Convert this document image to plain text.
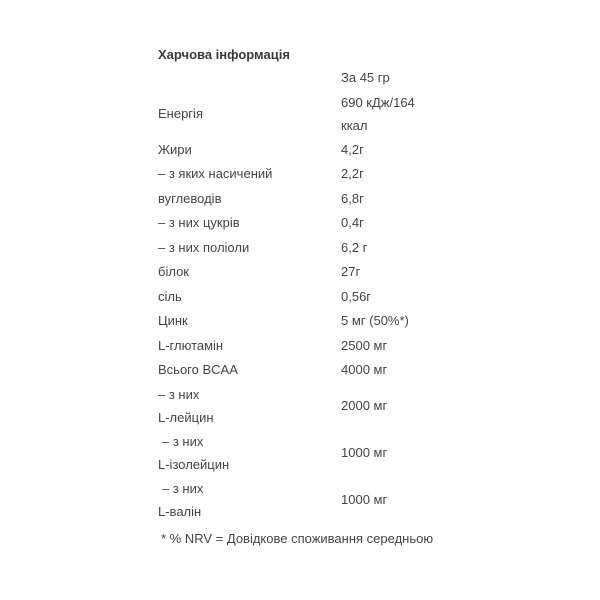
Харчова інформація
	За 45 гр

Енергія	690 кДж/164
ккал

Жири	4,2г
– з яких насичений	2,2г
вуглеводів	6,8г
– з них цукрів	0,4г
– з них поліоли	6,2 г
білок	27г
сіль	0,56г
Цинк	5 мг (50%*)
L-глютамін	2500 мг
Всього BCAA	4000 мг

– з них
L-лейцин	2000 мг

– з них
L-ізолейцин	1000 мг

– з них
L-валін	1000 мг

* % NRV = Довідкове споживання середньою
